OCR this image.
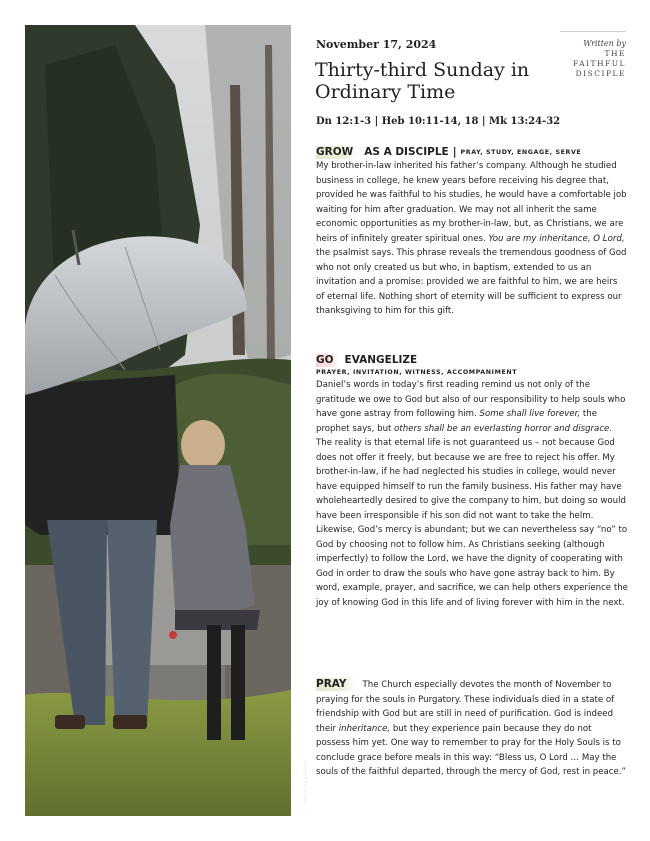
Martin Aplin/iStock
November 17, 2024
Thirty-third Sunday in Ordinary Time
Dn 12:1-3 | Heb 10:11-14, 18 | Mk 13:24-32
Written by
THE
FAITHFUL
DISCIPLE
GROW	AS A DISCIPLE | PRAY, STUDY, ENGAGE, SERVE

My brother-in-law inherited his father’s company. Although he studied business in college, he knew years before receiving his degree that, provided he was faithful to his studies, he would have a comfortable job waiting for him after graduation. We may not all inherit the same economic opportunities as my brother-in-law, but, as Christians, we are heirs of infinitely greater spiritual ones. You are my inheritance, O Lord, the psalmist says. This phrase reveals the tremendous goodness of God who not only created us but who, in baptism, extended to us an invitation and a promise: provided we are faithful to him, we are heirs of eternal life. Nothing short of eternity will be sufficient to express our thanksgiving to him for this gift.

GO	EVANGELIZE
PRAYER, INVITATION, WITNESS, ACCOMPANIMENT

Daniel’s words in today’s first reading remind us not only of the gratitude we owe to God but also of our responsibility to help souls who have gone astray from following him. Some shall live forever, the prophet says, but others shall be an everlasting horror and disgrace. The reality is that eternal life is not guaranteed us – not because God does not offer it freely, but because we are free to reject his offer. My brother-in-law, if he had neglected his studies in college, would never have equipped himself to run the family business. His father may have wholeheartedly desired to give the company to him, but doing so would have been irresponsible if his son did not want to take the helm. Likewise, God’s mercy is abundant; but we can nevertheless say “no” to God by choosing not to follow him. As Christians seeking (although imperfectly) to follow the Lord, we have the dignity of cooperating with God in order to draw the souls who have gone astray back to him. By word, example, prayer, and sacrifice, we can help others experience the joy of knowing God in this life and of living forever with him in the next.

PRAY The Church especially devotes the month of November to praying for the souls in Purgatory. These individuals died in a state of friendship with God but are still in need of purification. God is indeed their inheritance, but they experience pain because they do not possess him yet. One way to remember to pray for the Holy Souls is to conclude grace before meals in this way: “Bless us, O Lord … May the souls of the faithful departed, through the mercy of God, rest in peace.”
